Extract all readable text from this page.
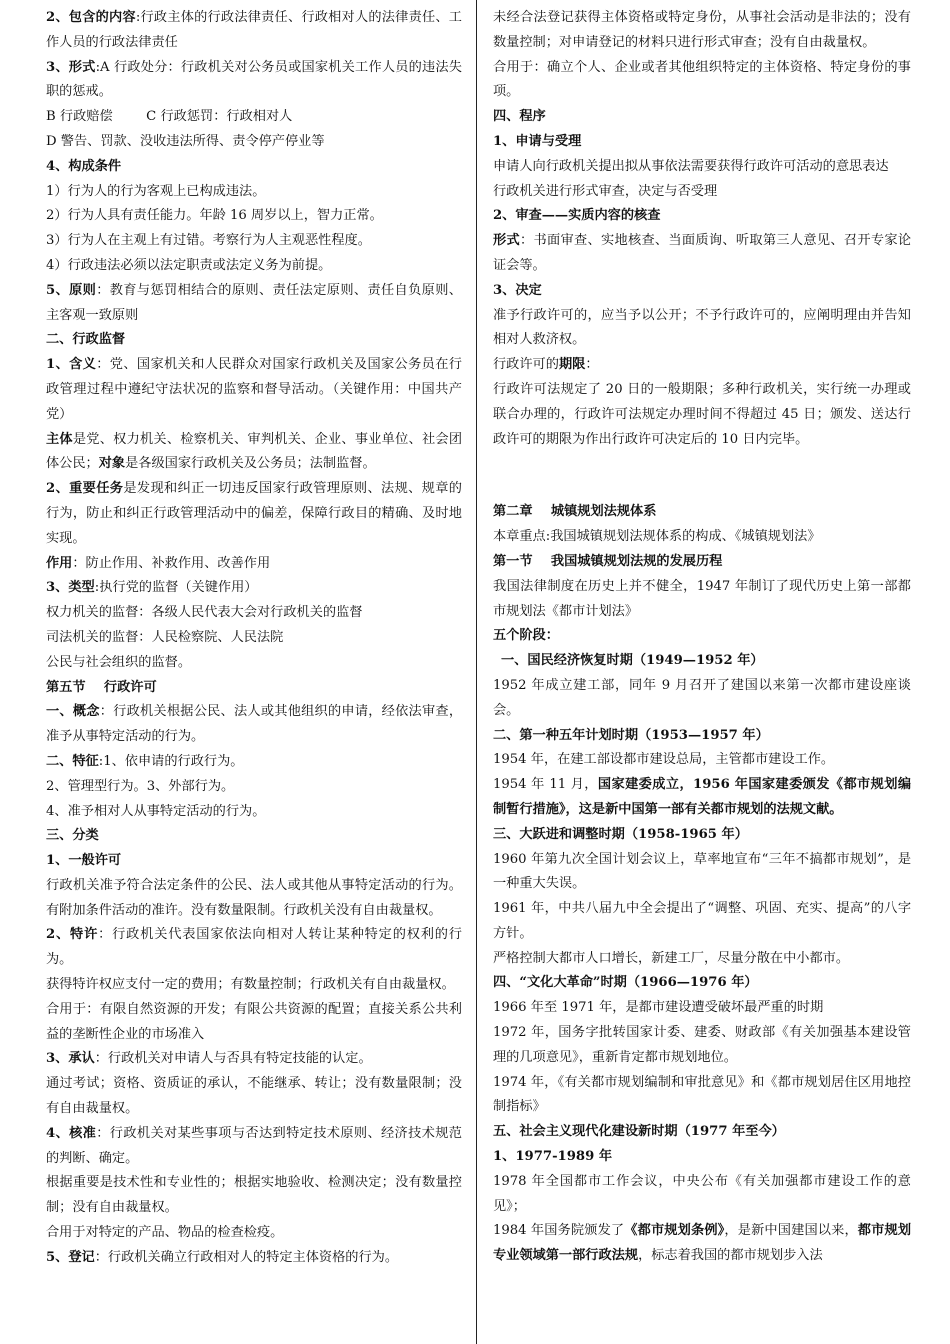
2、包含的内容:行政主体的行政法律责任、行政相对人的法律责任、工作人员的行政法律责任

3、形式:A 行政处分：行政机关对公务员或国家机关工作人员的违法失职的惩戒。

B 行政赔偿        C 行政惩罚：行政相对人

D 警告、罚款、没收违法所得、责令停产停业等

4、构成条件

1）行为人的行为客观上已构成违法。

2）行为人具有责任能力。年龄 16 周岁以上，智力正常。

3）行为人在主观上有过错。考察行为人主观恶性程度。

4）行政违法必须以法定职责或法定义务为前提。

5、原则：教育与惩罚相结合的原则、责任法定原则、责任自负原则、主客观一致原则

二、行政监督

1、含义：党、国家机关和人民群众对国家行政机关及国家公务员在行政管理过程中遵纪守法状况的监察和督导活动。（关键作用：中国共产党）

主体是党、权力机关、检察机关、审判机关、企业、事业单位、社会团体公民；对象是各级国家行政机关及公务员；法制监督。

2、重要任务是发现和纠正一切违反国家行政管理原则、法规、规章的行为，防止和纠正行政管理活动中的偏差，保障行政目的精确、及时地实现。

作用：防止作用、补救作用、改善作用

3、类型:执行党的监督（关键作用）

权力机关的监督：各级人民代表大会对行政机关的监督

司法机关的监督：人民检察院、人民法院

公民与社会组织的监督。

第五节    行政许可

一、概念：行政机关根据公民、法人或其他组织的申请，经依法审查，准予从事特定活动的行为。

二、特征:1、依申请的行政行为。

2、管理型行为。3、外部行为。

4、准予相对人从事特定活动的行为。

三、分类

1、一般许可

行政机关准予符合法定条件的公民、法人或其他从事特定活动的行为。有附加条件活动的准许。没有数量限制。行政机关没有自由裁量权。

2、特许：行政机关代表国家依法向相对人转让某种特定的权利的行为。

获得特许权应支付一定的费用；有数量控制；行政机关有自由裁量权。

合用于：有限自然资源的开发；有限公共资源的配置；直接关系公共利益的垄断性企业的市场准入

3、承认：行政机关对申请人与否具有特定技能的认定。

通过考试；资格、资质证的承认，不能继承、转让；没有数量限制；没有自由裁量权。

4、核准：行政机关对某些事项与否达到特定技术原则、经济技术规范的判断、确定。

根据重要是技术性和专业性的；根据实地验收、检测决定；没有数量控制；没有自由裁量权。

合用于对特定的产品、物品的检查检疫。

5、登记：行政机关确立行政相对人的特定主体资格的行为。

未经合法登记获得主体资格或特定身份，从事社会活动是非法的；没有数量控制；对申请登记的材料只进行形式审查；没有自由裁量权。

合用于：确立个人、企业或者其他组织特定的主体资格、特定身份的事项。

四、程序

1、申请与受理

申请人向行政机关提出拟从事依法需要获得行政许可活动的意思表达

行政机关进行形式审查，决定与否受理

2、审查——实质内容的核查

形式：书面审查、实地核查、当面质询、听取第三人意见、召开专家论证会等。

3、决定

准予行政许可的，应当予以公开；不予行政许可的，应阐明理由并告知相对人救济权。

行政许可的期限：

行政许可法规定了 20 日的一般期限；多种行政机关，实行统一办理或联合办理的，行政许可法规定办理时间不得超过 45 日；颁发、送达行政许可的期限为作出行政许可决定后的 10 日内完毕。

第二章    城镇规划法规体系

本章重点:我国城镇规划法规体系的构成、《城镇规划法》

第一节    我国城镇规划法规的发展历程

我国法律制度在历史上并不健全，1947 年制订了现代历史上第一部都市规划法《都市计划法》

五个阶段：

一、国民经济恢复时期（1949—1952 年）

1952 年成立建工部，同年 9 月召开了建国以来第一次都市建设座谈会。

二、第一种五年计划时期（1953—1957 年）

1954 年，在建工部设都市建设总局，主管都市建设工作。

1954 年 11 月，国家建委成立，1956 年国家建委颁发《都市规划编制暂行措施》，这是新中国第一部有关都市规划的法规文献。

三、大跃进和调整时期（1958-1965 年）

1960 年第九次全国计划会议上，草率地宣布“三年不搞都市规划”，是一种重大失误。

1961 年，中共八届九中全会提出了“调整、巩固、充实、提高”的八字方针。

严格控制大都市人口增长，新建工厂，尽量分散在中小都市。

四、“文化大革命”时期（1966—1976 年）

1966 年至 1971 年，是都市建设遭受破坏最严重的时期

1972 年，国务字批转国家计委、建委、财政部《有关加强基本建设管理的几项意见》，重新肯定都市规划地位。

1974 年，《有关都市规划编制和审批意见》和《都市规划居住区用地控制指标》

五、社会主义现代化建设新时期（1977 年至今）

1、1977-1989 年

1978 年全国都市工作会议，中央公布《有关加强都市建设工作的意见》；

1984 年国务院颁发了《都市规划条例》，是新中国建国以来，都市规划专业领域第一部行政法规，标志着我国的都市规划步入法
